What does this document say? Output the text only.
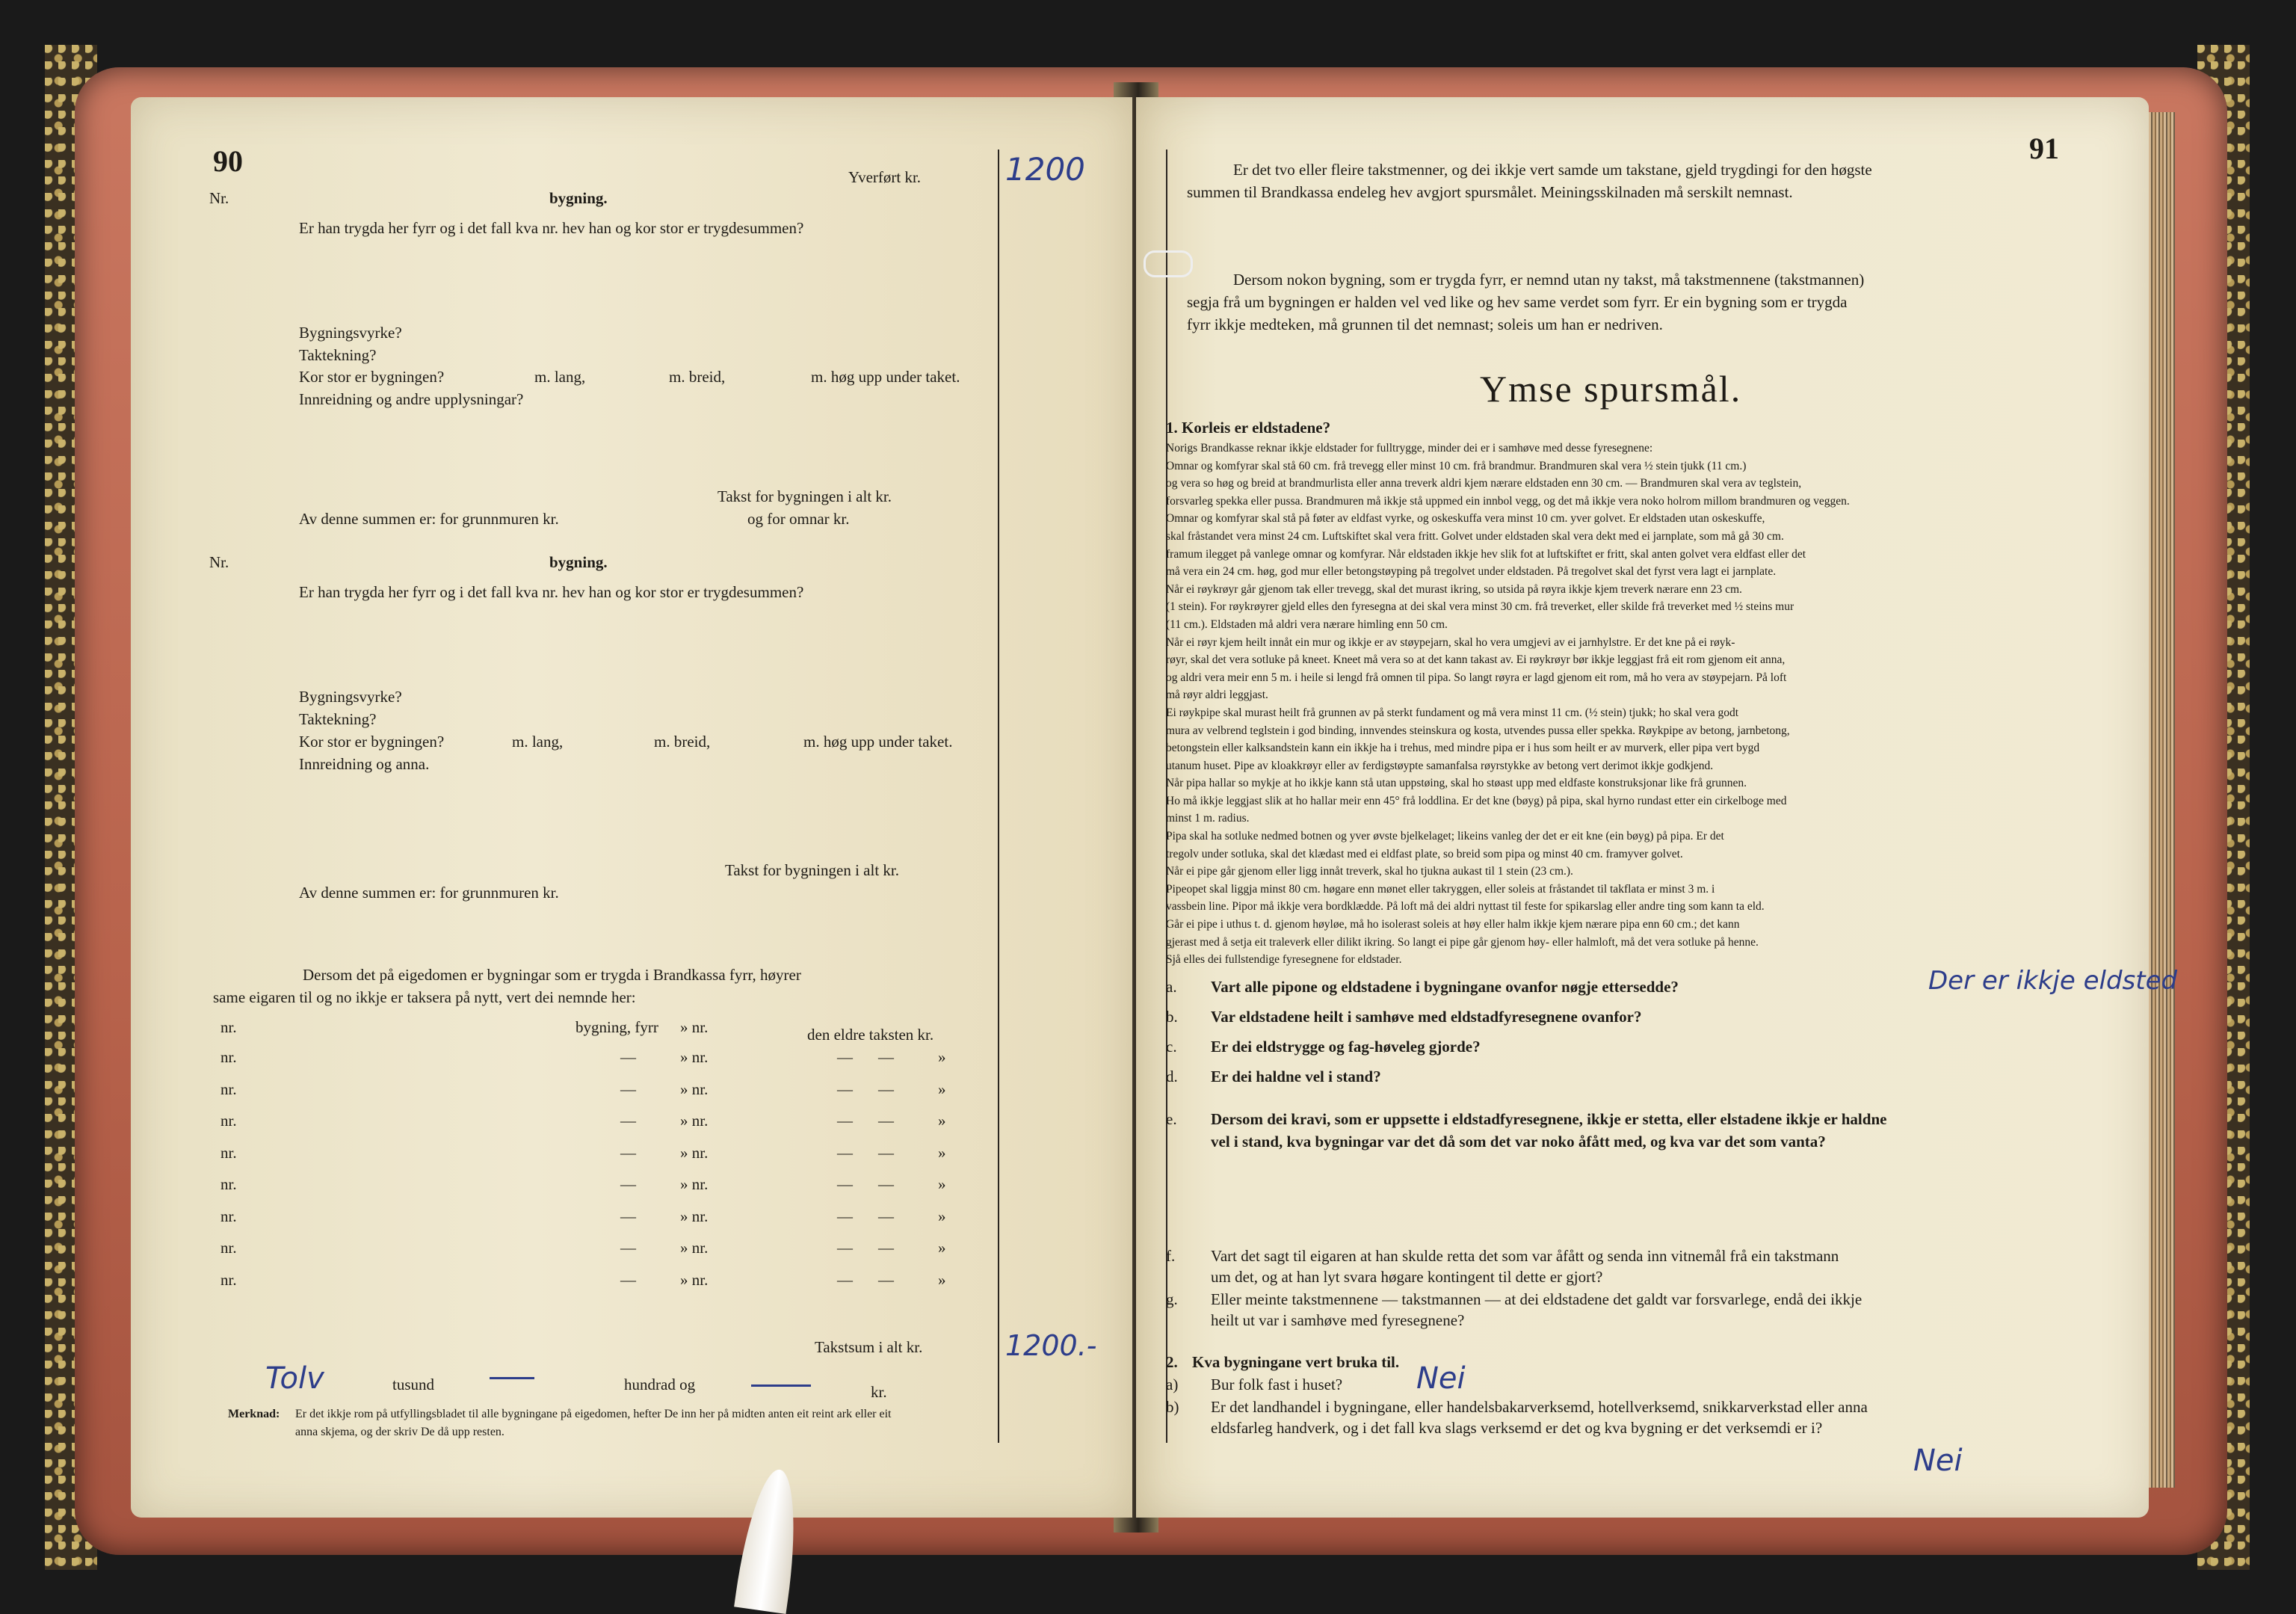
90	Yverført kr.	1200
Nr.	bygning.
Er han trygda her fyrr og i det fall kva nr. hev han og kor stor er trygdesummen?
Bygningsvyrke?
Taktekning?
Kor stor er bygningen?	m. lang,	m. breid,	m. høg upp under taket.
Innreidning og andre upplysningar?
Takst for bygningen i alt kr.
Av denne summen er: for grunnmuren kr.	og for omnar kr.
Nr.	bygning.
Er han trygda her fyrr og i det fall kva nr. hev han og kor stor er trygdesummen?
Bygningsvyrke?
Taktekning?
Kor stor er bygningen?	m. lang,	m. breid,	m. høg upp under taket.
Innreidning og anna.
Takst for bygningen i alt kr.
Av denne summen er: for grunnmuren kr.
Dersom det på eigedomen er bygningar som er trygda i Brandkassa fyrr, høyrer
same eigaren til og no ikkje er taksera på nytt, vert dei nemnde her:
nr.	bygning, fyrr » nr.	den eldre taksten kr.
nr.	—	» nr.	— —	»
nr.	—	» nr.	— —	»
nr.	—	» nr.	— —	»
nr.	—	» nr.	— —	»
nr.	—	» nr.	— —	»
nr.	—	» nr.	— —	»
nr.	—	» nr.	— —	»
nr.	—	» nr.	— —	»
Takstsum i alt kr.	1200.-
Tolv	tusund	hundrad og	kr.
Merknad: Er det ikkje rom på utfyllingsbladet til alle bygningane på eigedomen, hefter De inn her på midten anten eit reint ark eller eit
anna skjema, og der skriv De då upp resten.
91
Er det tvo eller fleire takstmenner, og dei ikkje vert samde um takstane, gjeld trygdingi for den høgste
summen til Brandkassa endeleg hev avgjort spursmålet. Meiningsskilnaden må serskilt nemnast.
Dersom nokon bygning, som er trygda fyrr, er nemnd utan ny takst, må takstmennene (takstmannen)
segja frå um bygningen er halden vel ved like og hev same verdet som fyrr. Er ein bygning som er trygda
fyrr ikkje medteken, må grunnen til det nemnast; soleis um han er nedriven.
Ymse spursmål.
1. Korleis er eldstadene?
Norigs Brandkasse reknar ikkje eldstader for fulltrygge, minder dei er i samhøve med desse fyresegnene:
Omnar og komfyrar skal stå 60 cm. frå trevegg eller minst 10 cm. frå brandmur. Brandmuren skal vera ½ stein tjukk (11 cm.)
og vera so høg og breid at brandmurlista eller anna treverk aldri kjem nærare eldstaden enn 30 cm. — Brandmuren skal vera av teglstein,
forsvarleg spekka eller pussa. Brandmuren må ikkje stå uppmed ein innbol vegg, og det må ikkje vera noko holrom millom brandmuren og veggen.
Omnar og komfyrar skal stå på føter av eldfast vyrke, og oskeskuffa vera minst 10 cm. yver golvet. Er eldstaden utan oskeskuffe,
skal fråstandet vera minst 24 cm. Luftskiftet skal vera fritt. Golvet under eldstaden skal vera dekt med ei jarnplate, som må gå 30 cm.
framum ilegget på vanlege omnar og komfyrar. Når eldstaden ikkje hev slik fot at luftskiftet er fritt, skal anten golvet vera eldfast eller det
må vera ein 24 cm. høg, god mur eller betongstøyping på tregolvet under eldstaden. På tregolvet skal det fyrst vera lagt ei jarnplate.
Når ei røykrøyr går gjenom tak eller trevegg, skal det murast ikring, so utsida på røyra ikkje kjem treverk nærare enn 23 cm.
(1 stein). For røykrøyrer gjeld elles den fyresegna at dei skal vera minst 30 cm. frå treverket, eller skilde frå treverket med ½ steins mur
(11 cm.). Eldstaden må aldri vera nærare himling enn 50 cm.
Når ei røyr kjem heilt innåt ein mur og ikkje er av støypejarn, skal ho vera umgjevi av ei jarnhylstre. Er det kne på ei røyk-
røyr, skal det vera sotluke på kneet. Kneet må vera so at det kann takast av. Ei røykrøyr bør ikkje leggjast frå eit rom gjenom eit anna,
og aldri vera meir enn 5 m. i heile si lengd frå omnen til pipa. So langt røyra er lagd gjenom eit rom, må ho vera av støypejarn. På loft
må røyr aldri leggjast.
Ei røykpipe skal murast heilt frå grunnen av på sterkt fundament og må vera minst 11 cm. (½ stein) tjukk; ho skal vera godt
mura av velbrend teglstein i god binding, innvendes steinskura og kosta, utvendes pussa eller spekka. Røykpipe av betong, jarnbetong,
betongstein eller kalksandstein kann ein ikkje ha i trehus, med mindre pipa er i hus som heilt er av murverk, eller pipa vert bygd
utanum huset. Pipe av kloakkrøyr eller av ferdigstøypte samanfalsa røyrstykke av betong vert derimot ikkje godkjend.
Når pipa hallar so mykje at ho ikkje kann stå utan uppstøing, skal ho støast upp med eldfaste konstruksjonar like frå grunnen.
Ho må ikkje leggjast slik at ho hallar meir enn 45° frå loddlina. Er det kne (bøyg) på pipa, skal hyrno rundast etter ein cirkelboge med
minst 1 m. radius.
Pipa skal ha sotluke nedmed botnen og yver øvste bjelkelaget; likeins vanleg der det er eit kne (ein bøyg) på pipa. Er det
tregolv under sotluka, skal det klædast med ei eldfast plate, so breid som pipa og minst 40 cm. framyver golvet.
Når ei pipe går gjenom eller ligg innåt treverk, skal ho tjukna aukast til 1 stein (23 cm.).
Pipeopet skal liggja minst 80 cm. høgare enn mønet eller takryggen, eller soleis at fråstandet til takflata er minst 3 m. i
vassbein line. Pipor må ikkje vera bordklædde. På loft må dei aldri nyttast til feste for spikarslag eller andre ting som kann ta eld.
Går ei pipe i uthus t. d. gjenom høyløe, må ho isolerast soleis at høy eller halm ikkje kjem nærare pipa enn 60 cm.; det kann
gjerast med å setja eit traleverk eller dilikt ikring. So langt ei pipe går gjenom høy- eller halmloft, må det vera sotluke på henne.
Sjå elles dei fullstendige fyresegnene for eldstader.
a. Vart alle pipone og eldstadene i bygningane ovanfor nøgje ettersedde?	Der er ikkje eldsted
b. Var eldstadene heilt i samhøve med eldstadfyresegnene ovanfor?
c. Er dei eldstrygge og fag-høveleg gjorde?
d. Er dei haldne vel i stand?
e. Dersom dei kravi, som er uppsette i eldstadfyresegnene, ikkje er stetta, eller elstadene ikkje er haldne
vel i stand, kva bygningar var det då som det var noko åfått med, og kva var det som vanta?
f. Vart det sagt til eigaren at han skulde retta det som var åfått og senda inn vitnemål frå ein takstmann
um det, og at han lyt svara høgare kontingent til dette er gjort?
g. Eller meinte takstmennene — takstmannen — at dei eldstadene det galdt var forsvarlege, endå dei ikkje
heilt ut var i samhøve med fyresegnene?
2. Kva bygningane vert bruka til.
a) Bur folk fast i huset? Nei
b) Er det landhandel i bygningane, eller handelsbakarverksemd, hotellverksemd, snikkarverkstad eller anna
eldsfarleg handverk, og i det fall kva slags verksemd er det og kva bygning er det verksemdi er i?
Nei
